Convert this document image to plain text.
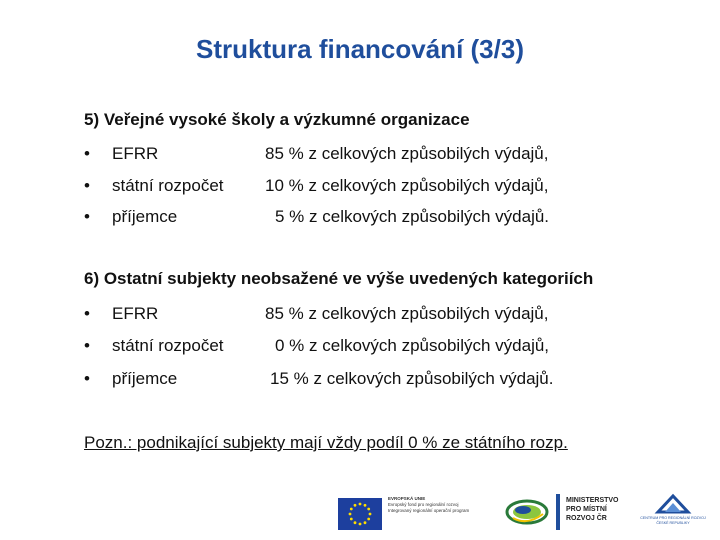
Struktura financování (3/3)
5) Veřejné vysoké školy a výzkumné organizace
• EFRR	85 % z celkových způsobilých výdajů,
• státní rozpočet 10 % z celkových způsobilých výdajů,
• příjemce	5 % z celkových způsobilých výdajů.
6) Ostatní subjekty neobsažené ve výše uvedených kategoriích
• EFRR	85 % z celkových způsobilých výdajů,
• státní rozpočet	0 % z celkových způsobilých výdajů,
• příjemce	15 % z celkových způsobilých výdajů.
Pozn.: podnikající subjekty mají vždy podíl 0 % ze státního rozp.
EVROPSKÁ UNIE
Evropský fond pro regionální rozvoj
Integrovaný regionální operační program
MINISTERSTVO
PRO MÍSTNÍ
ROZVOJ ČR	CENTRUM PRO REGIONÁLNÍ ROZVOJ
ČESKÉ REPUBLIKY
